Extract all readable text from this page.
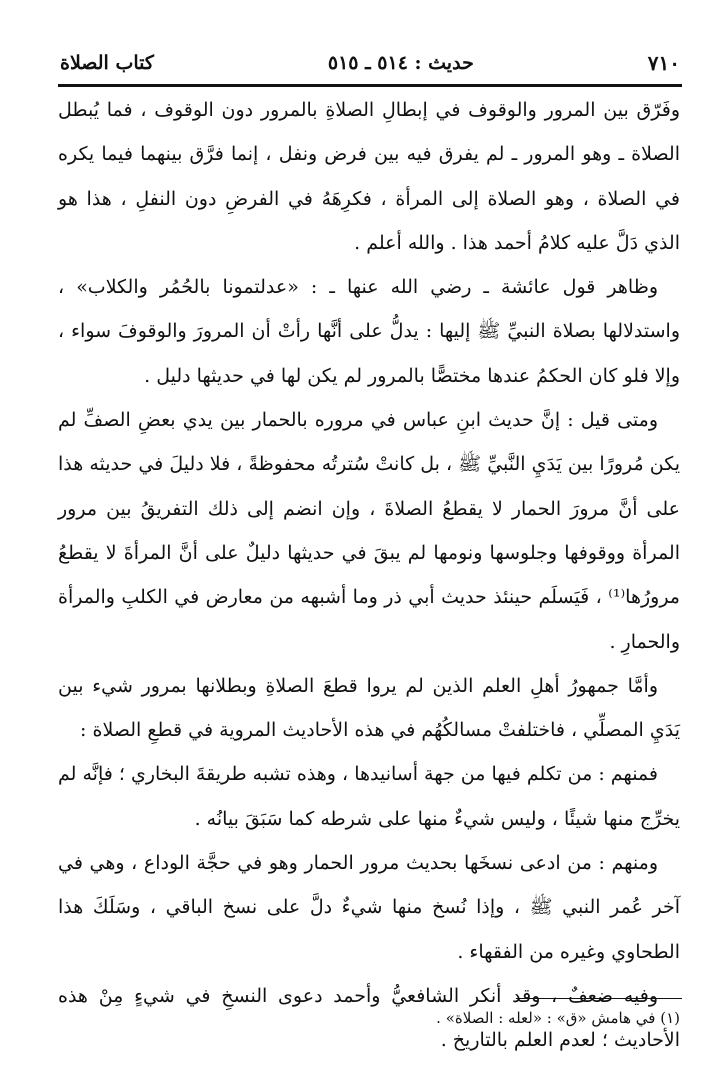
٧١٠
حديث : ٥١٤ ـ ٥١٥
كتاب الصلاة

وفَرّق بين المرور والوقوف في إبطالِ الصلاةِ بالمرور دون الوقوف ، فما يُبطل الصلاة ـ وهو المرور ـ لم يفرق فيه بين فرض ونفل ، إنما فرَّق بينهما فيما يكره في الصلاة ، وهو الصلاة إلى المرأة ، فكرِهَهُ في الفرضِ دون النفلِ ، هذا هو الذي دَلَّ عليه كلامُ أحمد هذا . والله أعلم .

وظاهر قول عائشة ـ رضي الله عنها ـ : «عدلتمونا بالحُمُر والكلاب» ، واستدلالها بصلاة النبيِّ ﷺ إليها : يدلُّ على أنَّها رأتْ أن المرورَ والوقوفَ سواء ، وإلا فلو كان الحكمُ عندها مختصًّا بالمرور لم يكن لها في حديثها دليل .

ومتى قيل : إنَّ حديث ابنِ عباس في مروره بالحمار بين يدي بعضِ الصفِّ لم يكن مُرورًا بين يَدَيِ النَّبيِّ ﷺ ، بل كانتْ سُترتُه محفوظةً ، فلا دليلَ في حديثه هذا على أنَّ مرورَ الحمار لا يقطعُ الصلاةَ ، وإن انضم إلى ذلك التفريقُ بين مرور المرأة ووقوفها وجلوسها ونومها لم يبقَ في حديثها دليلٌ على أنَّ المرأةَ لا يقطعُ مرورُها⁽¹⁾ ، فَيَسلَم حينئذ حديث أبي ذر وما أشبهه من معارض في الكلبِ والمرأة والحمارِ .

وأمَّا جمهورُ أهلِ العلم الذين لم يروا قطعَ الصلاةِ وبطلانها بمرور شيء بين يَدَيِ المصلِّي ، فاختلفتْ مسالكُهُم في هذه الأحاديث المروية في قطعِ الصلاة :

فمنهم : من تكلم فيها من جهة أسانيدها ، وهذه تشبه طريقةَ البخاري ؛ فإنَّه لم يخرِّج منها شيئًا ، وليس شيءٌ منها على شرطه كما سَبَقَ بيانُه .

ومنهم : من ادعى نسخَها بحديث مرور الحمار وهو في حجَّة الوداع ، وهي في آخر عُمر النبي ﷺ ، وإذا نُسخ منها شيءٌ دلَّ على نسخ الباقي ، وسَلَكَ هذا الطحاوي وغيره من الفقهاء .

وفيه ضعفٌ ، وقد أنكر الشافعيُّ وأحمد دعوى النسخِ في شيءٍ مِنْ هذه الأحاديث ؛ لعدم العلم بالتاريخ .

(١) في هامش «ق» : «لعله : الصلاة» .
